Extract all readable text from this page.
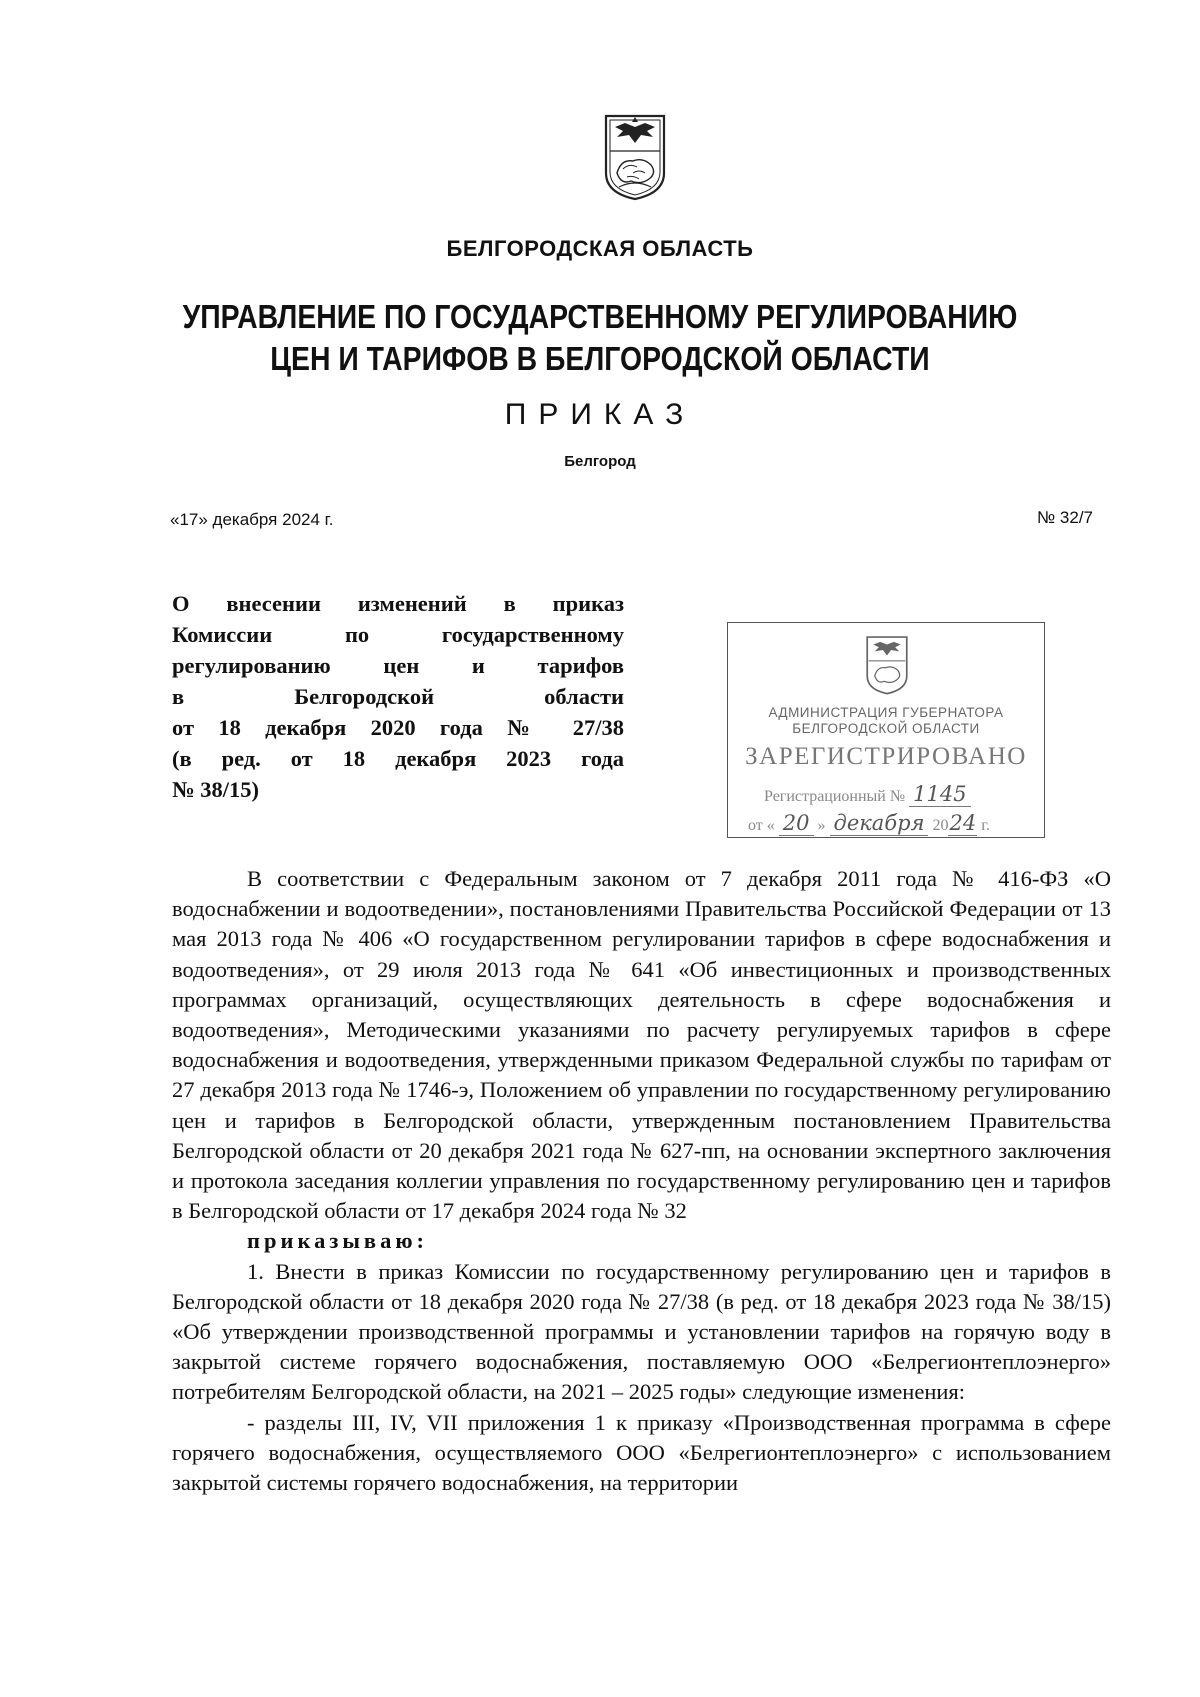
БЕЛГОРОДСКАЯ ОБЛАСТЬ
УПРАВЛЕНИЕ ПО ГОСУДАРСТВЕННОМУ РЕГУЛИРОВАНИЮ
ЦЕН И ТАРИФОВ В БЕЛГОРОДСКОЙ ОБЛАСТИ
ПРИКАЗ
Белгород
«17» декабря 2024 г.	№ 32/7
О внесении изменений в приказ
Комиссии по государственному
регулированию цен и тарифов
в Белгородской области
от 18 декабря 2020 года № 27/38
(в ред. от 18 декабря 2023 года
№ 38/15)
АДМИНИСТРАЦИЯ ГУБЕРНАТОРА
БЕЛГОРОДСКОЙ ОБЛАСТИ
ЗАРЕГИСТРИРОВАНО
Регистрационный № 1145
от « 20 » декабря 2024 г.

В соответствии с Федеральным законом от 7 декабря 2011 года № 416-ФЗ «О водоснабжении и водоотведении», постановлениями Правительства Российской Федерации от 13 мая 2013 года № 406 «О государственном регулировании тарифов в сфере водоснабжения и водоотведения», от 29 июля 2013 года № 641 «Об инвестиционных и производственных программах организаций, осуществляющих деятельность в сфере водоснабжения и водоотведения», Методическими указаниями по расчету регулируемых тарифов в сфере водоснабжения и водоотведения, утвержденными приказом Федеральной службы по тарифам от 27 декабря 2013 года № 1746-э, Положением об управлении по государственному регулированию цен и тарифов в Белгородской области, утвержденным постановлением Правительства Белгородской области от 20 декабря 2021 года № 627-пп, на основании экспертного заключения и протокола заседания коллегии управления по государственному регулированию цен и тарифов в Белгородской области от 17 декабря 2024 года № 32
приказываю:

1. Внести в приказ Комиссии по государственному регулированию цен и тарифов в Белгородской области от 18 декабря 2020 года № 27/38 (в ред. от 18 декабря 2023 года № 38/15) «Об утверждении производственной программы и установлении тарифов на горячую воду в закрытой системе горячего водоснабжения, поставляемую ООО «Белрегионтеплоэнерго» потребителям Белгородской области, на 2021 – 2025 годы» следующие изменения:

- разделы III, IV, VII приложения 1 к приказу «Производственная программа в сфере горячего водоснабжения, осуществляемого ООО «Белрегионтеплоэнерго» с использованием закрытой системы горячего водоснабжения, на территории
